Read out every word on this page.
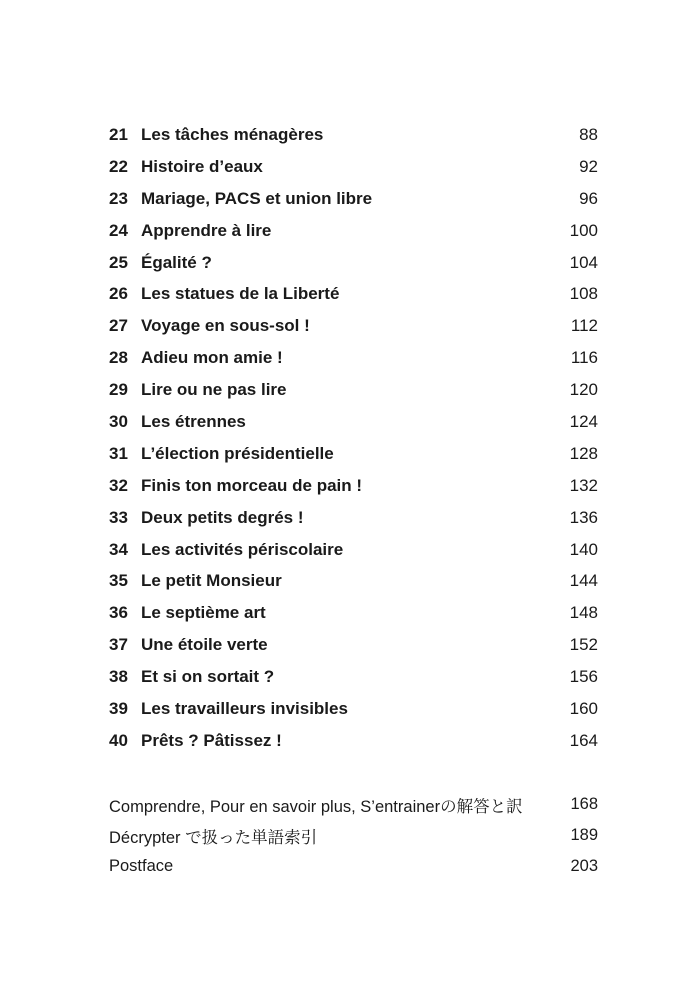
21 Les tâches ménagères	88
22 Histoire d’eaux	92
23 Mariage, PACS et union libre	96
24 Apprendre à lire	100
25 Égalité ?	104
26 Les statues de la Liberté	108
27 Voyage en sous-sol !	112
28 Adieu mon amie !	116
29 Lire ou ne pas lire	120
30 Les étrennes	124
31 L’élection présidentielle	128
32 Finis ton morceau de pain !	132
33 Deux petits degrés !	136
34 Les activités périscolaire	140
35 Le petit Monsieur	144
36 Le septième art	148
37 Une étoile verte	152
38 Et si on sortait ?	156
39 Les travailleurs invisibles	160
40 Prêts ? Pâtissez !	164
Comprendre, Pour en savoir plus, S’entrainerの解答と訳	168
Décrypter で扱った単語索引	189
Postface	203
